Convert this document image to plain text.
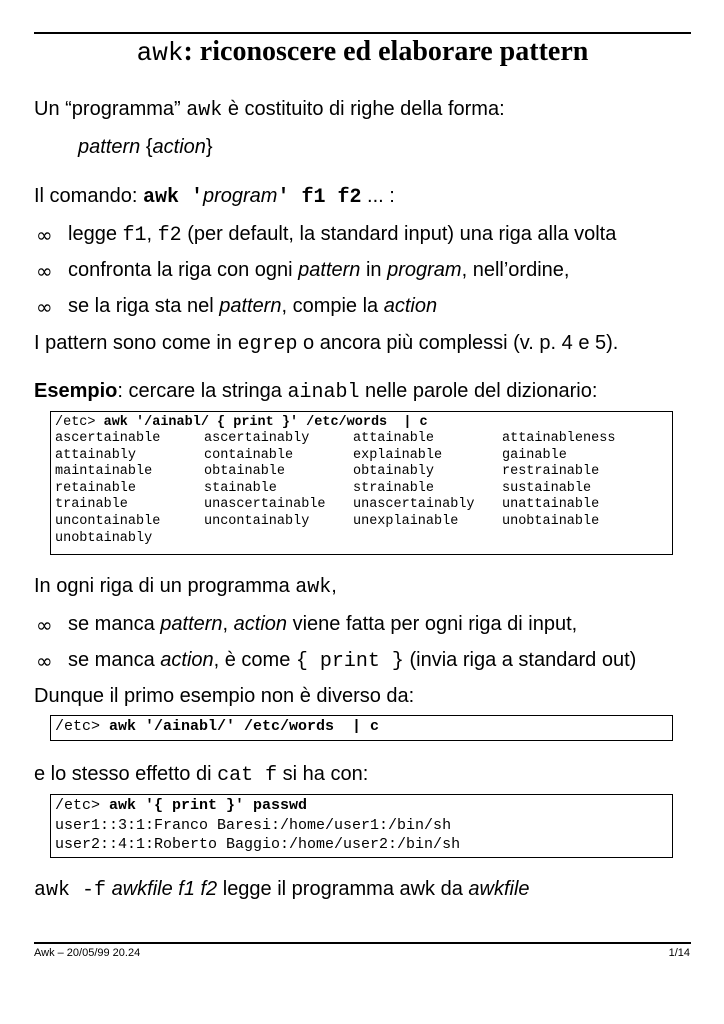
awk: riconoscere ed elaborare pattern
Un “programma” awk è costituito di righe della forma:
pattern {action}
Il comando: awk 'program' f1 f2 ... :
∞ legge f1, f2 (per default, la standard input) una riga alla volta
∞ confronta la riga con ogni pattern in program, nell’ordine,
∞ se la riga sta nel pattern, compie la action
I pattern sono come in egrep o ancora più complessi (v. p. 4 e 5).
Esempio: cercare la stringa ainabl nelle parole del dizionario:
/etc> awk '/ainabl/ { print }' /etc/words  | c
ascertainable	ascertainably	attainable	attainableness
attainably	containable	explainable	gainable
maintainable	obtainable	obtainably	restrainable
retainable	stainable	strainable	sustainable
trainable	unascertainable	unascertainably	unattainable
uncontainable	uncontainably	unexplainable	unobtainable
unobtainably
In ogni riga di un programma awk,
∞ se manca pattern, action viene fatta per ogni riga di input,
∞ se manca action, è come { print } (invia riga a standard out)
Dunque il primo esempio non è diverso da:
/etc> awk '/ainabl/' /etc/words  | c
e lo stesso effetto di cat f si ha con:
/etc> awk '{ print }' passwd
user1::3:1:Franco Baresi:/home/user1:/bin/sh
user2::4:1:Roberto Baggio:/home/user2:/bin/sh
awk -f awkfile f1 f2 legge il programma awk da awkfile
Awk – 20/05/99 20.24	1/14
